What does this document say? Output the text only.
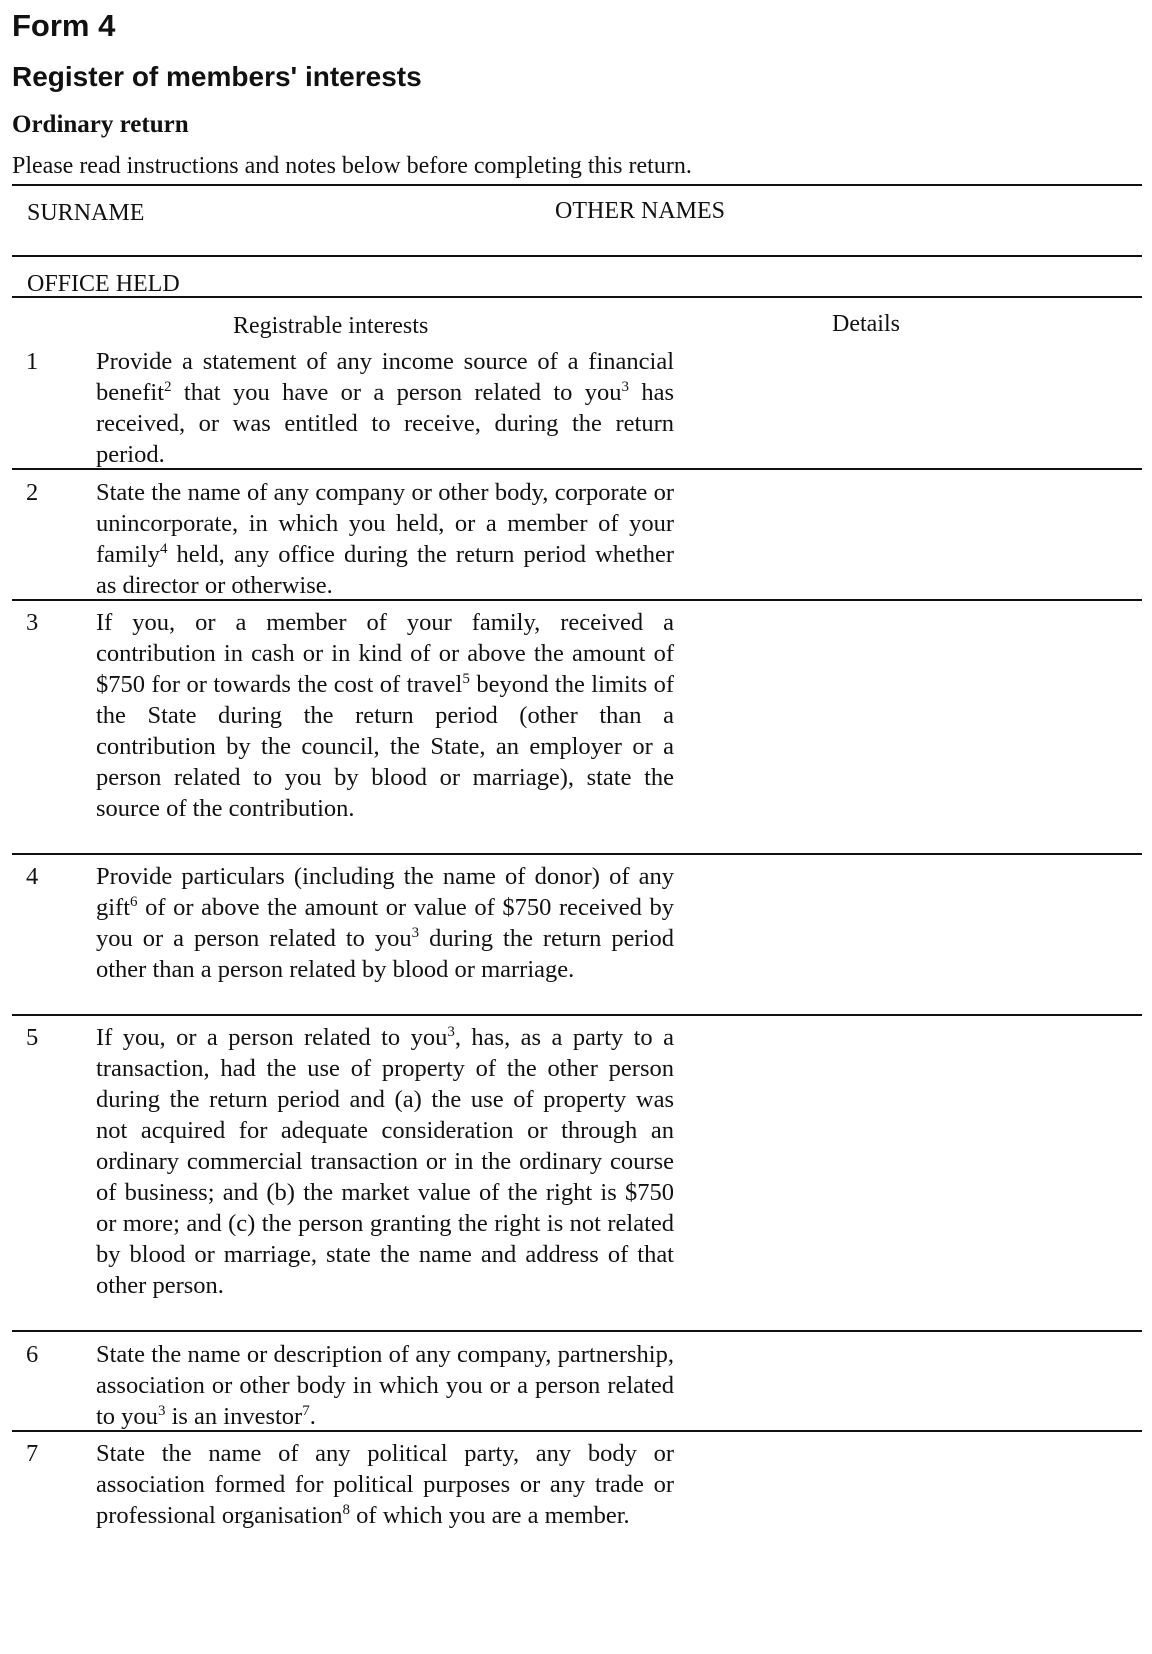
Form 4
Register of members' interests
Ordinary return

Please read instructions and notes below before completing this return.

SURNAME	OTHER NAMES
OFFICE HELD
Registrable interests	Details
1	Provide a statement of any income source of a financial benefit$^2$ that you have or a person related to you$^3$ has received, or was entitled to receive, during the return period.

2	State the name of any company or other body, corporate or unincorporate, in which you held, or a member of your family$^4$ held, any office during the return period whether as director or otherwise.

3	If you, or a member of your family, received a contribution in cash or in kind of or above the amount of $750 for or towards the cost of travel$^5$ beyond the limits of the State during the return period (other than a contribution by the council, the State, an employer or a person related to you by blood or marriage), state the source of the contribution.

4	Provide particulars (including the name of donor) of any gift$^6$ of or above the amount or value of $750 received by you or a person related to you$^3$ during the return period other than a person related by blood or marriage.

5	If you, or a person related to you$^3$, has, as a party to a transaction, had the use of property of the other person during the return period and (a) the use of property was not acquired for adequate consideration or through an ordinary commercial transaction or in the ordinary course of business; and (b) the market value of the right is $750 or more; and (c) the person granting the right is not related by blood or marriage, state the name and address of that other person.

6	State the name or description of any company, partnership, association or other body in which you or a person related to you$^3$ is an investor$^7$.

7	State the name of any political party, any body or association formed for political purposes or any trade or professional organisation$^8$ of which you are a member.
